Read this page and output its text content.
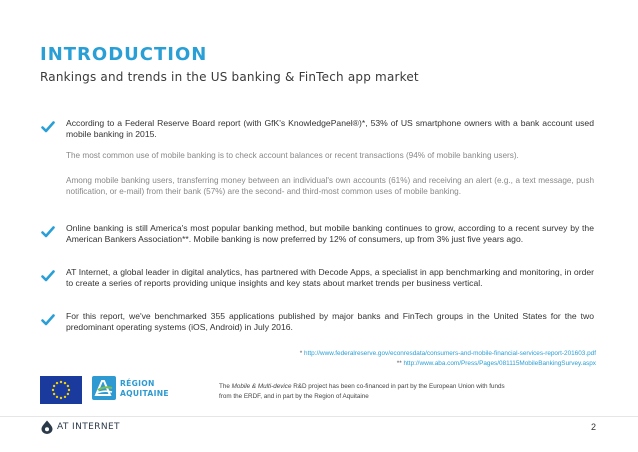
INTRODUCTION
Rankings and trends in the US banking & FinTech app market
According to a Federal Reserve Board report (with GfK's KnowledgePanel®)*, 53% of US smartphone owners with a bank account used mobile banking in 2015.
The most common use of mobile banking is to check account balances or recent transactions (94% of mobile banking users).
Among mobile banking users, transferring money between an individual's own accounts (61%) and receiving an alert (e.g., a text message, push notification, or e-mail) from their bank (57%) are the second- and third-most common uses of mobile banking.
Online banking is still America's most popular banking method, but mobile banking continues to grow, according to a recent survey by the American Bankers Association**. Mobile banking is now preferred by 12% of consumers, up from 3% just five years ago.
AT Internet, a global leader in digital analytics, has partnered with Decode Apps, a specialist in app benchmarking and monitoring, in order to create a series of reports providing unique insights and key stats about market trends per business vertical.
For this report, we've benchmarked 355 applications published by major banks and FinTech groups in the United States for the two predominant operating systems (iOS, Android) in July 2016.
* http://www.federalreserve.gov/econresdata/consumers-and-mobile-financial-services-report-201603.pdf
** http://www.aba.com/Press/Pages/081115MobileBankingSurvey.aspx
RÉGION
AQUITAINE
The Mobile & Multi-device R&D project has been co-financed in part by the European Union with funds
from the ERDF, and in part by the Region of Aquitaine
AT INTERNET	2
